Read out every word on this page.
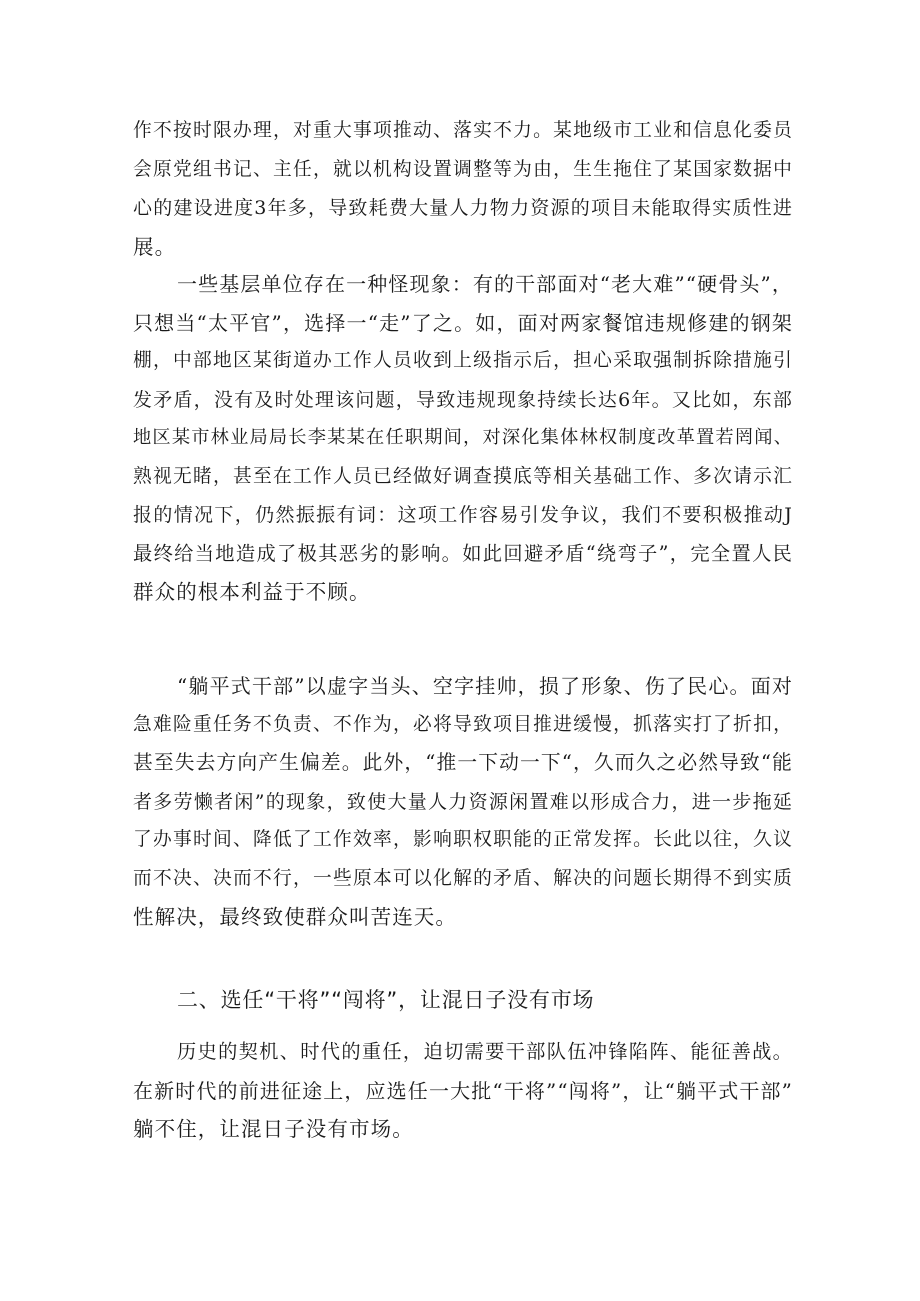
作不按时限办理，对重大事项推动、落实不力。某地级市工业和信息化委员
会原党组书记、主任，就以机构设置调整等为由，生生拖住了某国家数据中
心的建设进度3年多，导致耗费大量人力物力资源的项目未能取得实质性进
展。
一些基层单位存在一种怪现象：有的干部面对“老大难”“硬骨头”，
只想当“太平官”，选择一“走”了之。如，面对两家餐馆违规修建的钢架
棚，中部地区某街道办工作人员收到上级指示后，担心采取强制拆除措施引
发矛盾，没有及时处理该问题，导致违规现象持续长达6年。又比如，东部
地区某市林业局局长李某某在任职期间，对深化集体林权制度改革置若罔闻、
熟视无睹，甚至在工作人员已经做好调查摸底等相关基础工作、多次请示汇
报的情况下，仍然振振有词：这项工作容易引发争议，我们不要积极推动J
最终给当地造成了极其恶劣的影响。如此回避矛盾“绕弯子”，完全置人民
群众的根本利益于不顾。
“躺平式干部”以虚字当头、空字挂帅，损了形象、伤了民心。面对
急难险重任务不负责、不作为，必将导致项目推进缓慢，抓落实打了折扣，
甚至失去方向产生偏差。此外，“推一下动一下“，久而久之必然导致“能
者多劳懒者闲”的现象，致使大量人力资源闲置难以形成合力，进一步拖延
了办事时间、降低了工作效率，影响职权职能的正常发挥。长此以往，久议
而不决、决而不行，一些原本可以化解的矛盾、解决的问题长期得不到实质
性解决，最终致使群众叫苦连天。
二、选任“干将”“闯将”，让混日子没有市场
历史的契机、时代的重任，迫切需要干部队伍冲锋陷阵、能征善战。
在新时代的前进征途上，应选任一大批“干将”“闯将”，让“躺平式干部”
躺不住，让混日子没有市场。
